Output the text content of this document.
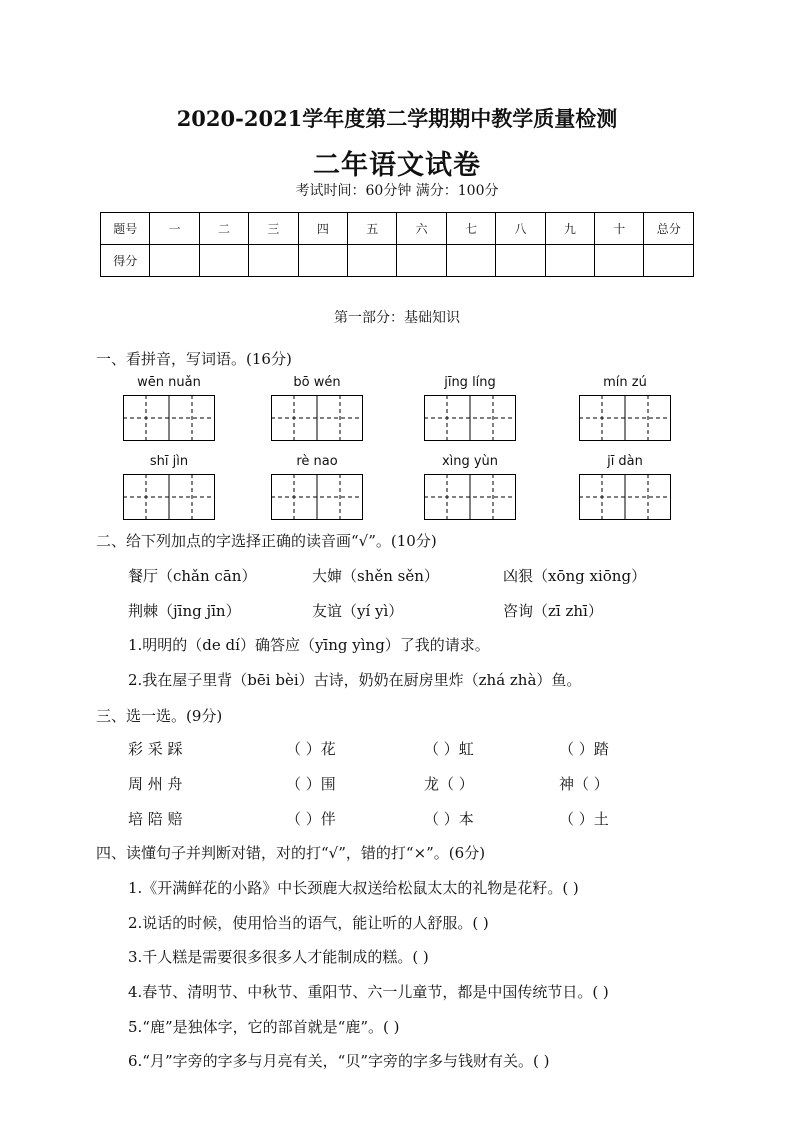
2020-2021学年度第二学期期中教学质量检测
二年语文试卷
考试时间：60分钟 满分：100分
题号	一	二	三	四	五	六	七	八	九	十	总分
得分											
第一部分：基础知识
一、看拼音，写词语。(16分)
wēn nuǎn	bō wén	jīng líng	mín zú
shī jìn	rè nao	xìng yùn	jī dàn
二、给下列加点的字选择正确的读音画“√”。(10分)
餐厅（chǎn cān）	大婶（shěn sěn）	凶狠（xōng xiōng）
荆棘（jīng jīn）	友谊（yí yì）	咨询（zī zhī）
1.明明的（de dí）确答应（yīng yìng）了我的请求。
2.我在屋子里背（bēi bèi）古诗，奶奶在厨房里炸（zhá zhà）鱼。
三、选一选。(9分)
彩 采 踩	（ ）花	（ ）虹	（ ）踏
周 州 舟	（ ）围	龙（ ）	神（ ）
培 陪 赔	（ ）伴	（ ）本	（ ）土
四、读懂句子并判断对错，对的打“√”，错的打“×”。(6分)
1.《开满鲜花的小路》中长颈鹿大叔送给松鼠太太的礼物是花籽。( )
2.说话的时候，使用恰当的语气，能让听的人舒服。( )
3.千人糕是需要很多很多人才能制成的糕。( )
4.春节、清明节、中秋节、重阳节、六一儿童节，都是中国传统节日。( )
5.“鹿”是独体字，它的部首就是“鹿”。( )
6.“月”字旁的字多与月亮有关，“贝”字旁的字多与钱财有关。( )
